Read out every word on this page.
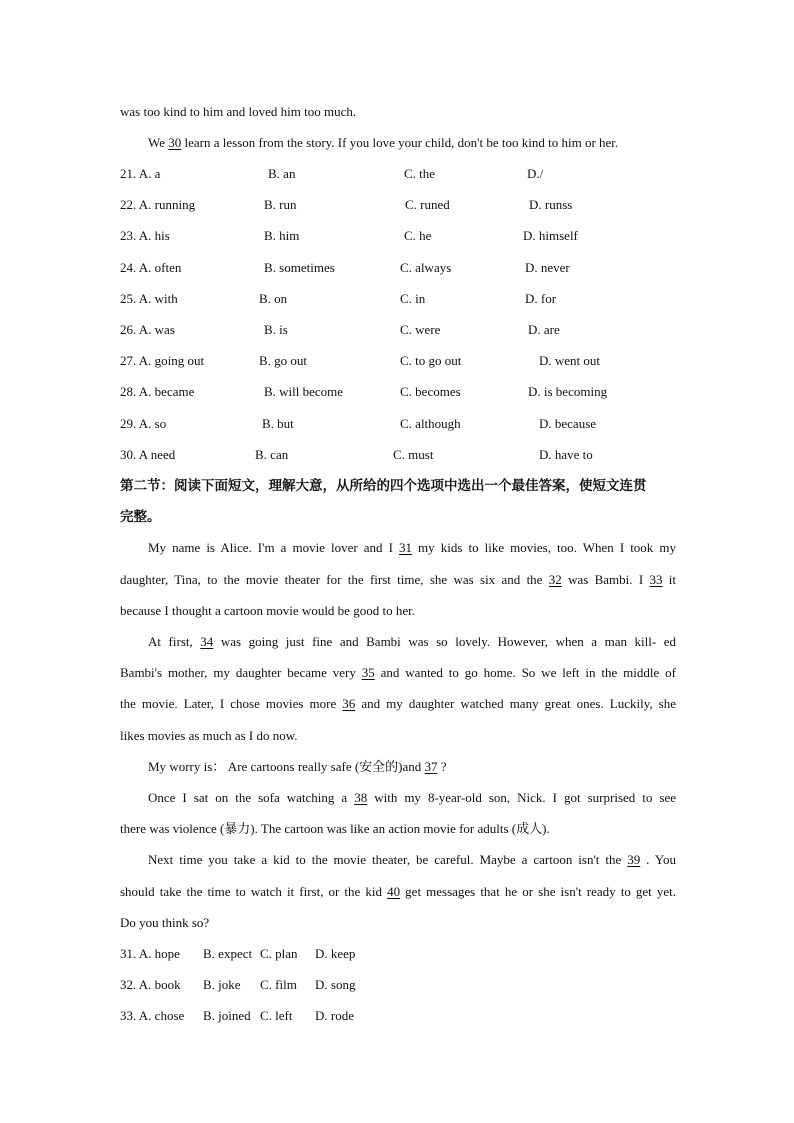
was too kind to him and loved him too much.
We 30 learn a lesson from the story. If you love your child, don't be too kind to him or her.
21. A. a	B. an	C. the	D./
22. A. running	B. run	C. runed	D. runss
23. A. his	B. him	C. he	D. himself
24. A. often	B. sometimes	C. always	D. never
25. A. with	B. on	C. in	D. for
26. A. was	B. is	C. were	D. are
27. A. going out	B. go out	C. to go out	D. went out
28. A. became	B. will become	C. becomes	D. is becoming
29. A. so	B. but	C. although	D. because
30. A need	B. can	C. must	D. have to
第二节：阅读下面短文，理解大意，从所给的四个选项中选出一个最佳答案，使短文连贯
完整。
My name is Alice. I'm a movie lover and I 31 my kids to like movies, too. When I took my
daughter, Tina, to the movie theater for the first time, she was six and the 32 was Bambi. I 33 it
because I thought a cartoon movie would be good to her.
At first, 34 was going just fine and Bambi was so lovely. However, when a man kill- ed
Bambi's mother, my daughter became very 35 and wanted to go home. So we left in the middle of
the movie. Later, I chose movies more 36 and my daughter watched many great ones. Luckily, she
likes movies as much as I do now.
My worry is： Are cartoons really safe (安全的)and 37 ?
Once I sat on the sofa watching a 38 with my 8-year-old son, Nick. I got surprised to see
there was violence (暴力). The cartoon was like an action movie for adults (成人).
Next time you take a kid to the movie theater, be careful. Maybe a cartoon isn't the 39 . You
should take the time to watch it first, or the kid 40 get messages that he or she isn't ready to get yet.
Do you think so?
31. A. hope B. expect C. plan D. keep
32. A. book B. joke C. film D. song
33. A. chose B. joined C. left D. rode
